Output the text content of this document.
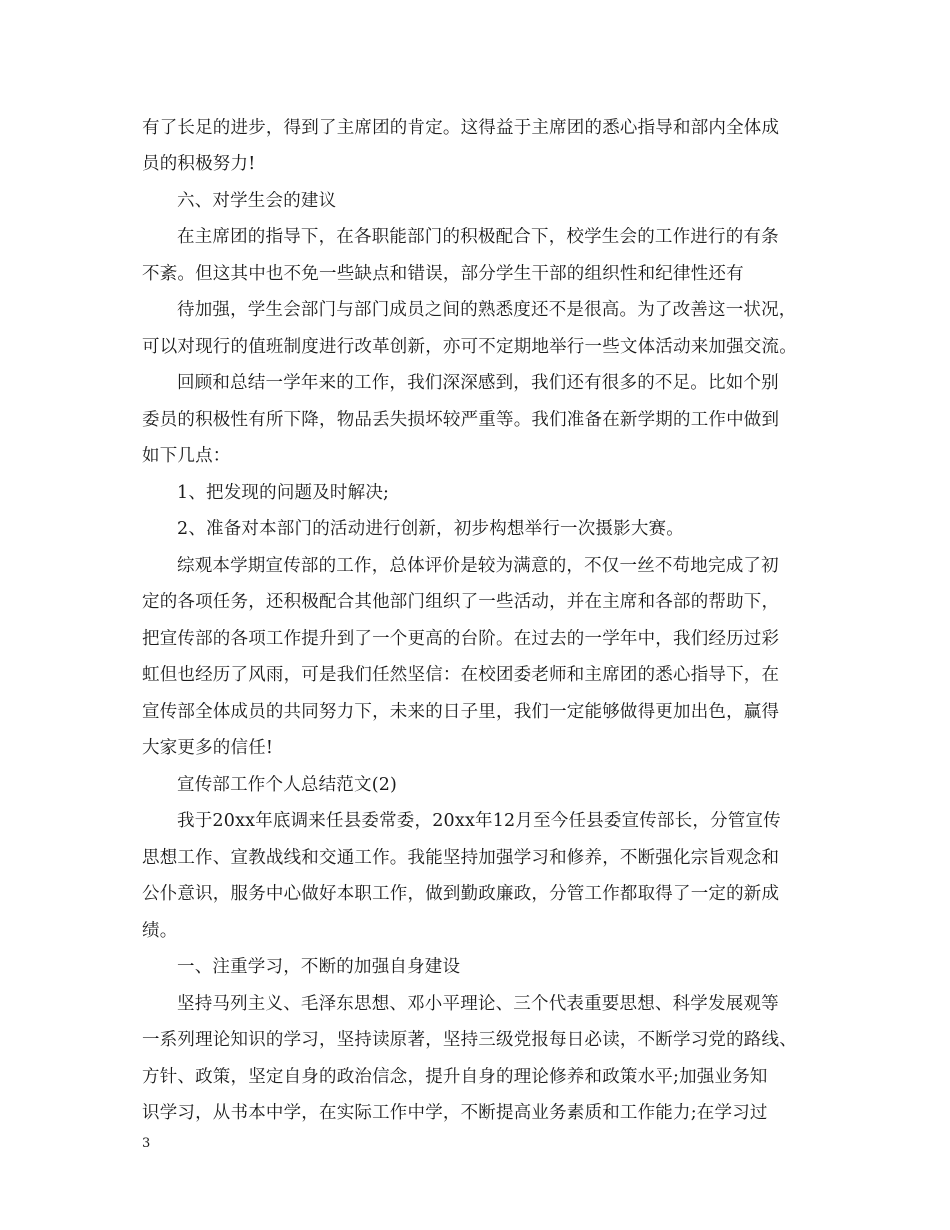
有了长足的进步，得到了主席团的肯定。这得益于主席团的悉心指导和部内全体成
员的积极努力!
六、对学生会的建议
在主席团的指导下，在各职能部门的积极配合下，校学生会的工作进行的有条
不紊。但这其中也不免一些缺点和错误，部分学生干部的组织性和纪律性还有
待加强，学生会部门与部门成员之间的熟悉度还不是很高。为了改善这一状况，
可以对现行的值班制度进行改革创新，亦可不定期地举行一些文体活动来加强交流。
回顾和总结一学年来的工作，我们深深感到，我们还有很多的不足。比如个别
委员的积极性有所下降，物品丢失损坏较严重等。我们准备在新学期的工作中做到
如下几点：
1、把发现的问题及时解决;
2、准备对本部门的活动进行创新，初步构想举行一次摄影大赛。
综观本学期宣传部的工作，总体评价是较为满意的，不仅一丝不苟地完成了初
定的各项任务，还积极配合其他部门组织了一些活动，并在主席和各部的帮助下，
把宣传部的各项工作提升到了一个更高的台阶。在过去的一学年中，我们经历过彩
虹但也经历了风雨，可是我们任然坚信：在校团委老师和主席团的悉心指导下，在
宣传部全体成员的共同努力下，未来的日子里，我们一定能够做得更加出色，赢得
大家更多的信任!
宣传部工作个人总结范文(2)
我于20xx年底调来任县委常委，20xx年12月至今任县委宣传部长，分管宣传
思想工作、宣教战线和交通工作。我能坚持加强学习和修养，不断强化宗旨观念和
公仆意识，服务中心做好本职工作，做到勤政廉政，分管工作都取得了一定的新成
绩。
一、注重学习，不断的加强自身建设
坚持马列主义、毛泽东思想、邓小平理论、三个代表重要思想、科学发展观等
一系列理论知识的学习，坚持读原著，坚持三级党报每日必读，不断学习党的路线、
方针、政策，坚定自身的政治信念，提升自身的理论修养和政策水平;加强业务知
识学习，从书本中学，在实际工作中学，不断提高业务素质和工作能力;在学习过
3
